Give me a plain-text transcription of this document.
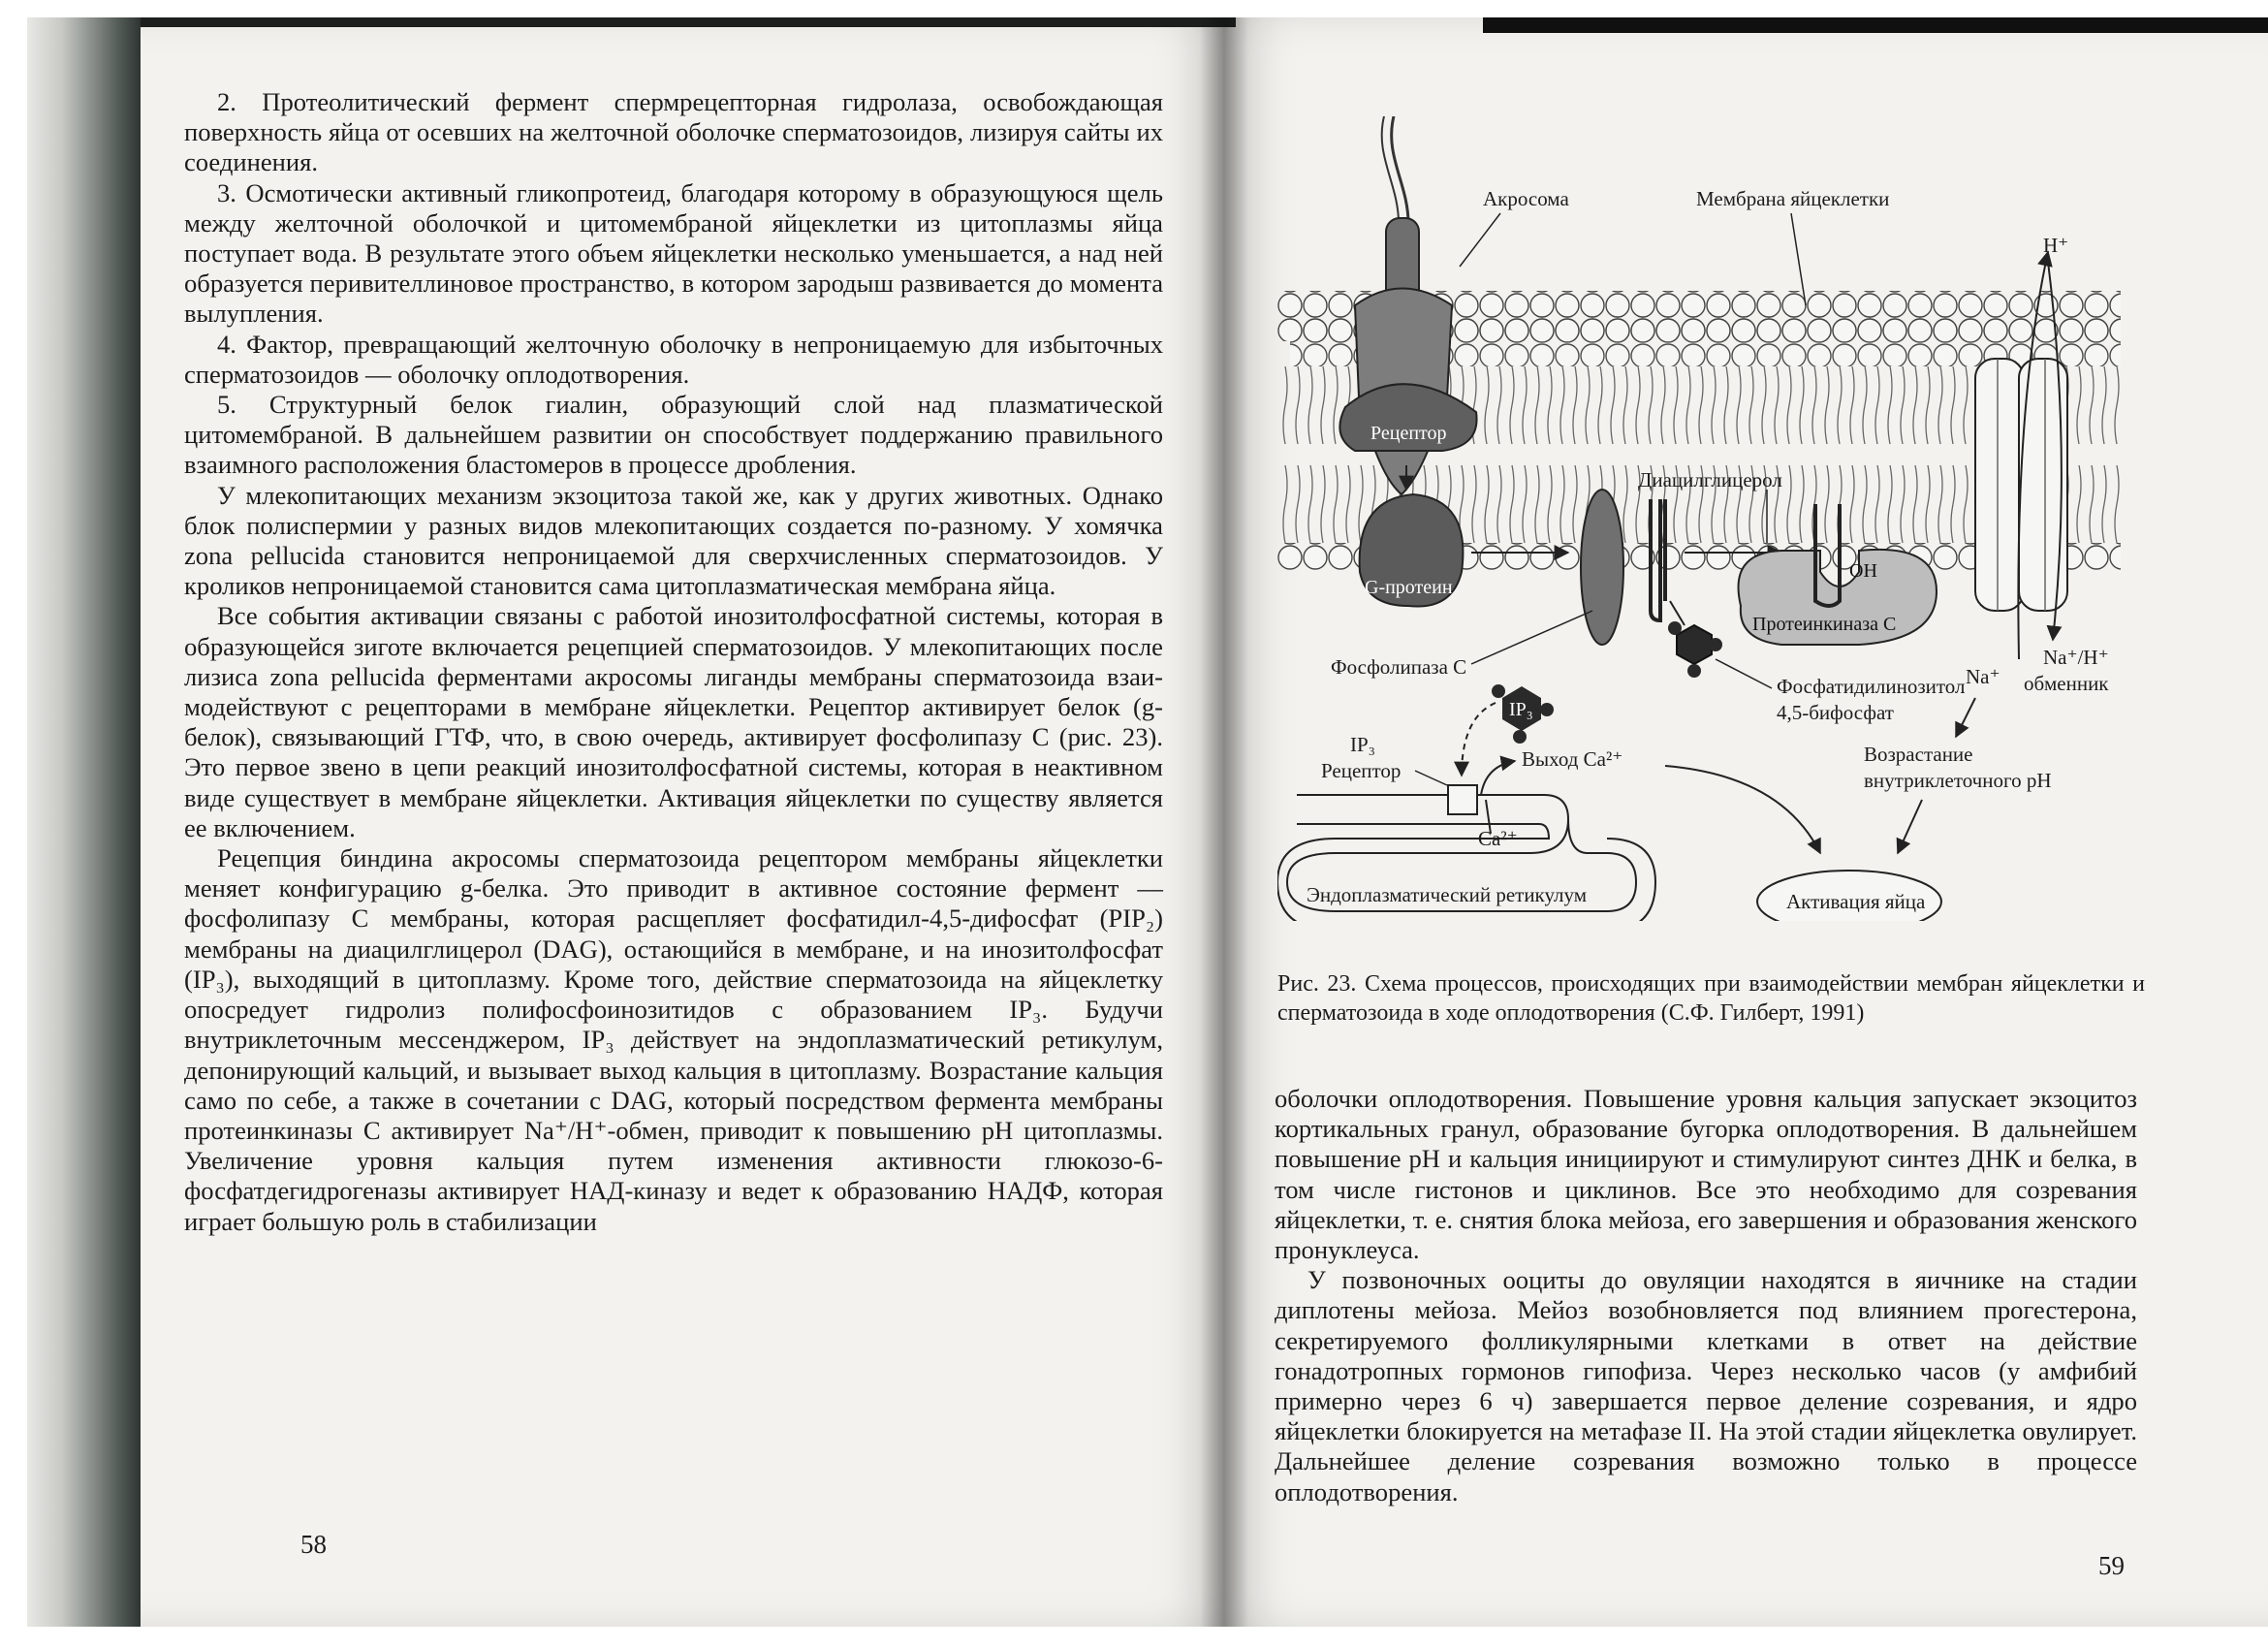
2. Протеолитический фермент спермрецепторная гидролаза, освобождающая поверхность яйца от осевших на желточной оболочке сперматозоидов, лизируя сайты их соединения.

3. Осмотически активный гликопротеид, благодаря которому в образующуюся щель между желточной оболочкой и цитомембраной яйцеклетки из цитоплазмы яйца поступает вода. В результате этого объем яйцеклетки несколько уменьшается, а над ней образуется перивителлиновое пространство, в котором зародыш развивается до момента вылупления.

4. Фактор, превращающий желточную оболочку в непроницаемую для избыточных сперматозоидов — оболочку оплодотворения.

5. Структурный белок гиалин, образующий слой над плазматической цитомембраной. В дальнейшем развитии он способствует поддержанию правильного взаимного расположения бластомеров в процессе дробления.

У млекопитающих механизм экзоцитоза такой же, как у других животных. Однако блок полиспермии у разных видов млекопитающих создается по-разному. У хомячка zona pellucida становится непроницаемой для сверхчисленных сперматозоидов. У кроликов непроницаемой становится сама цитоплазматическая мембрана яйца.

Все события активации связаны с работой инозитолфосфатной системы, которая в образующейся зиготе включается рецепцией сперматозоидов. У млекопитающих после лизиса zona pellucida ферментами акросомы лиганды мембраны сперматозоида взаимодействуют с рецепторами в мембране яйцеклетки. Рецептор активирует белок (g-белок), связывающий ГТФ, что, в свою очередь, активирует фосфолипазу С (рис. 23). Это первое звено в цепи реакций инозитолфосфатной системы, которая в неактивном виде существует в мембране яйцеклетки. Активация яйцеклетки по существу является ее включением.

Рецепция биндина акросомы сперматозоида рецептором мембраны яйцеклетки меняет конфигурацию g-белка. Это приводит в активное состояние фермент — фосфолипазу С мембраны, которая расщепляет фосфатидил-4,5-дифосфат (PIP₂) мембраны на диацилглицерол (DAG), остающийся в мембране, и на инозитолфосфат (IP₃), выходящий в цитоплазму. Кроме того, действие сперматозоида на яйцеклетку опосредует гидролиз полифосфоинозитидов с образованием IP₃. Будучи внутриклеточным мессенджером, IP₃ действует на эндоплазматический ретикулум, депонирующий кальций, и вызывает выход кальция в цитоплазму. Возрастание кальция само по себе, а также в сочетании с DAG, который посредством фермента мембраны протеинкиназы С активирует Na⁺/H⁺-обмен, приводит к повышению pH цитоплазмы. Увеличение уровня кальция путем изменения активности глюкозо-6-фосфатдегидрогеназы активирует НАД-киназу и ведет к образованию НАДФ, которая играет большую роль в стабилизации

58
Рецептор
Акросома	Мембрана яйцеклетки
G-протеин
Фосфолипаза С
Диацилглицерол
OH
Протеинкиназа С
Фосфатидилинозитол
4,5-бифосфат
IP₃
H⁺
Na⁺
Na⁺/H⁺
обменник
Возрастание
внутриклеточного pH
IP₃
Рецептор	Выход Ca²⁺
Ca²⁺
Эндоплазматический ретикулум	Активация яйца

Рис. 23. Схема процессов, происходящих при взаимодействии мембран яйцеклетки и сперматозоида в ходе оплодотворения (С.Ф. Гилберт, 1991)

оболочки оплодотворения. Повышение уровня кальция запускает экзоцитоз кортикальных гранул, образование бугорка оплодотворения. В дальнейшем повышение pH и кальция инициируют и стимулируют синтез ДНК и белка, в том числе гистонов и циклинов. Все это необходимо для созревания яйцеклетки, т. е. снятия блока мейоза, его завершения и образования женского пронуклеуса.

У позвоночных ооциты до овуляции находятся в яичнике на стадии диплотены мейоза. Мейоз возобновляется под влиянием прогестерона, секретируемого фолликулярными клетками в ответ на действие гонадотропных гормонов гипофиза. Через несколько часов (у амфибий примерно через 6 ч) завершается первое деление созревания, и ядро яйцеклетки блокируется на метафазе II. На этой стадии яйцеклетка овулирует. Дальнейшее деление созревания возможно только в процессе оплодотворения.

59
